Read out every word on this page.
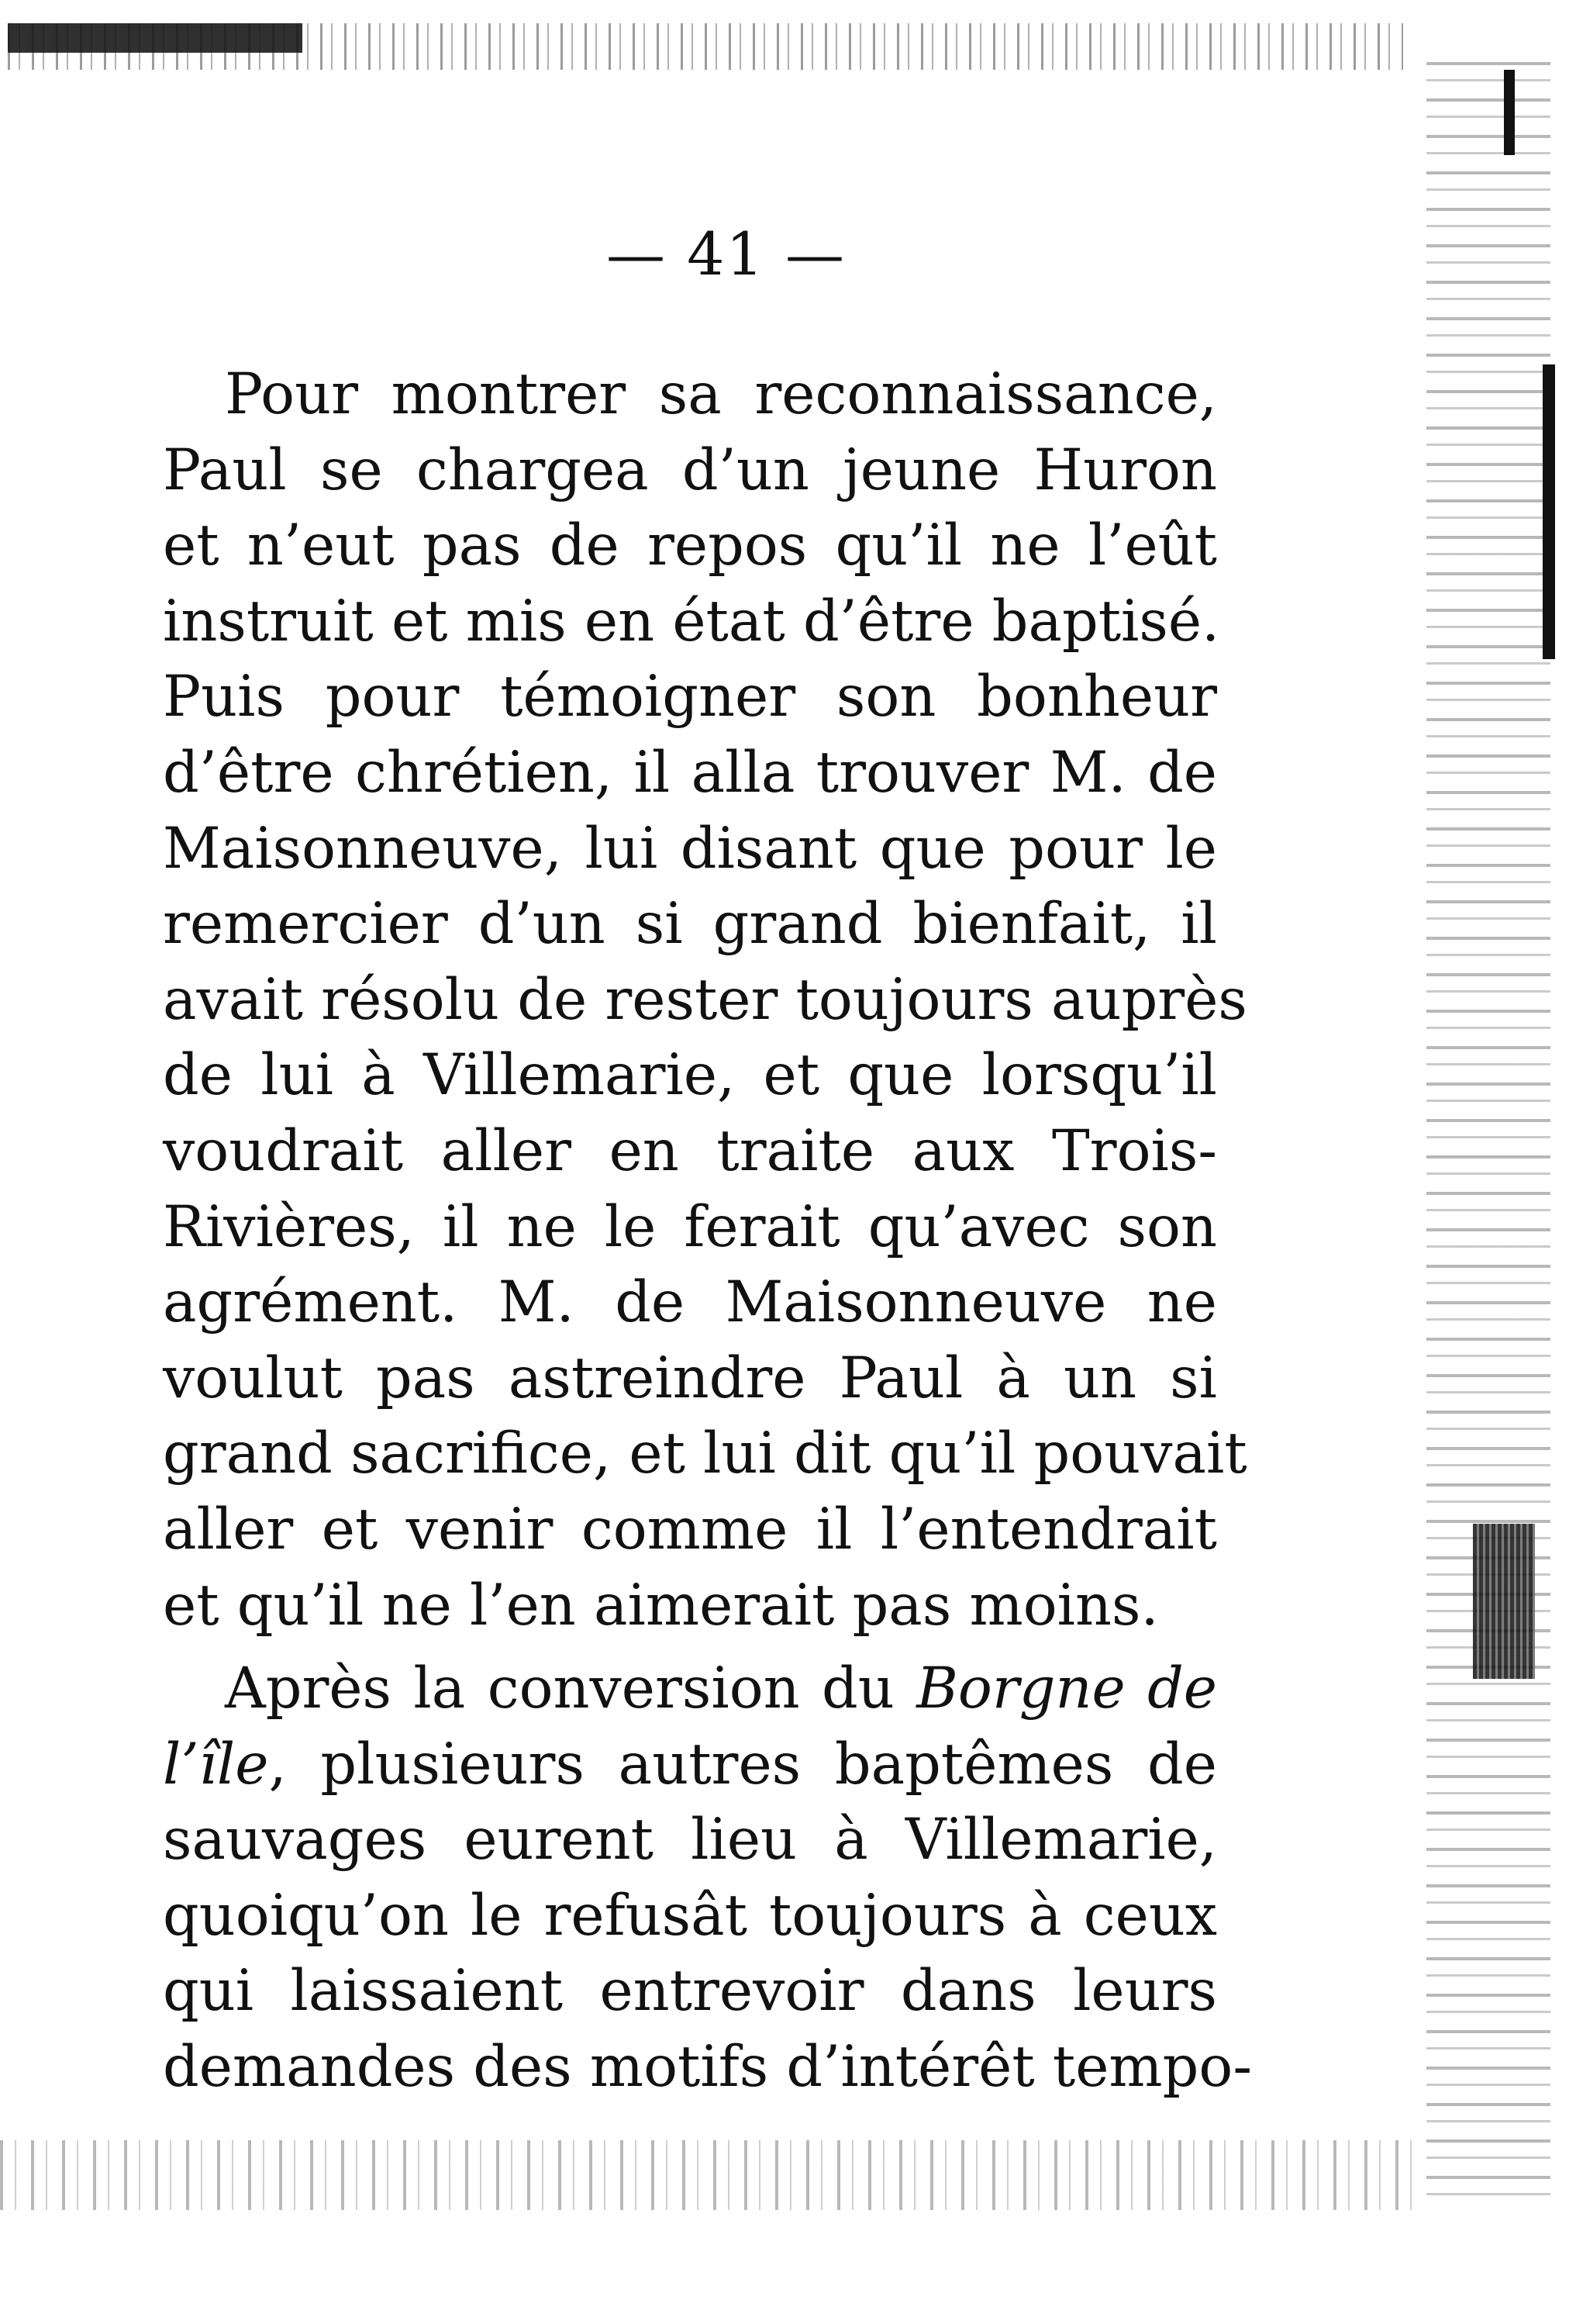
— 41 —
Pour montrer sa reconnaissance,
Paul se chargea d’un jeune Huron
et n’eut pas de repos qu’il ne l’eût
instruit et mis en état d’être baptisé.
Puis pour témoigner son bonheur
d’être chrétien, il alla trouver M. de
Maisonneuve, lui disant que pour le
remercier d’un si grand bienfait, il
avait résolu de rester toujours auprès
de lui à Villemarie, et que lorsqu’il
voudrait aller en traite aux Trois-
Rivières, il ne le ferait qu’avec son
agrément. M. de Maisonneuve ne
voulut pas astreindre Paul à un si
grand sacrifice, et lui dit qu’il pouvait
aller et venir comme il l’entendrait
et qu’il ne l’en aimerait pas moins.
Après la conversion du Borgne de
l’île, plusieurs autres baptêmes de
sauvages eurent lieu à Villemarie,
quoiqu’on le refusât toujours à ceux
qui laissaient entrevoir dans leurs
demandes des motifs d’intérêt tempo-
